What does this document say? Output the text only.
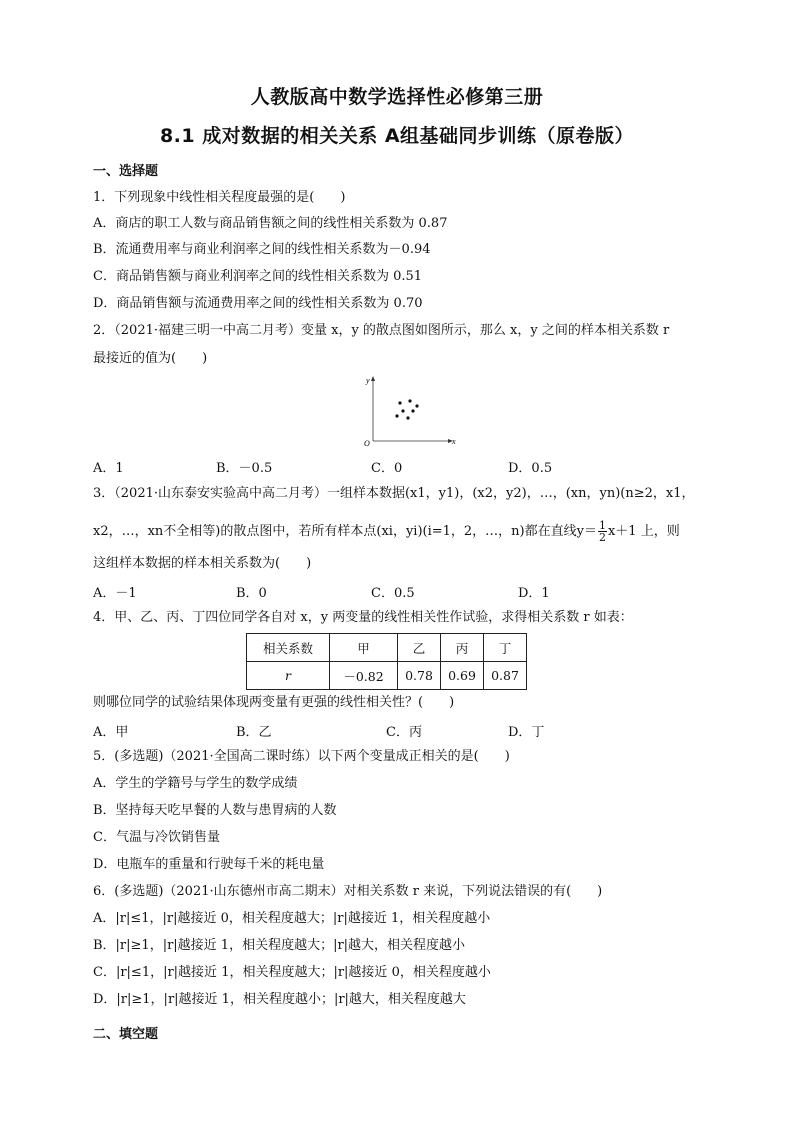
人教版高中数学选择性必修第三册
8.1 成对数据的相关关系 A组基础同步训练（原卷版）
一、选择题
1．下列现象中线性相关程度最强的是(　　)
A．商店的职工人数与商品销售额之间的线性相关系数为 0.87
B．流通费用率与商业利润率之间的线性相关系数为－0.94
C．商品销售额与商业利润率之间的线性相关系数为 0.51
D．商品销售额与流通费用率之间的线性相关系数为 0.70
2．（2021·福建三明一中高二月考）变量 x，y 的散点图如图所示，那么 x，y 之间的样本相关系数 r
最接近的值为(　　)
y
x
O
A．1	B．－0.5	C．0	D．0.5
3．（2021·山东泰安实验高中高二月考）一组样本数据(x1，y1)，(x2，y2)，…，(xn，yn)(n≥2，x1，
x2，…，xn不全相等)的散点图中，若所有样本点(xi，yi)(i=1，2，…，n)都在直线$y= \frac{1}{2} x+1$ 上，则
这组样本数据的样本相关系数为(　　)
A．－1	B．0	C．0.5	D．1
4．甲、乙、丙、丁四位同学各自对 x，y 两变量的线性相关性作试验，求得相关系数 r 如表：
相关系数	甲	乙	丙	丁
r	－0.82	0.78	0.69	0.87
则哪位同学的试验结果体现两变量有更强的线性相关性？(　　)
A．甲	B．乙	C．丙	D．丁
5．(多选题)（2021·全国高二课时练）以下两个变量成正相关的是(　　)
A．学生的学籍号与学生的数学成绩
B．坚持每天吃早餐的人数与患胃病的人数
C．气温与冷饮销售量
D．电瓶车的重量和行驶每千米的耗电量
6．(多选题)（2021·山东德州市高二期末）对相关系数 r 来说，下列说法错误的有(　　)
A．|r|≤1，|r|越接近 0，相关程度越大；|r|越接近 1，相关程度越小
B．|r|≥1，|r|越接近 1，相关程度越大；|r|越大，相关程度越小
C．|r|≤1，|r|越接近 1，相关程度越大；|r|越接近 0，相关程度越小
D．|r|≥1，|r|越接近 1，相关程度越小；|r|越大，相关程度越大
二、填空题
